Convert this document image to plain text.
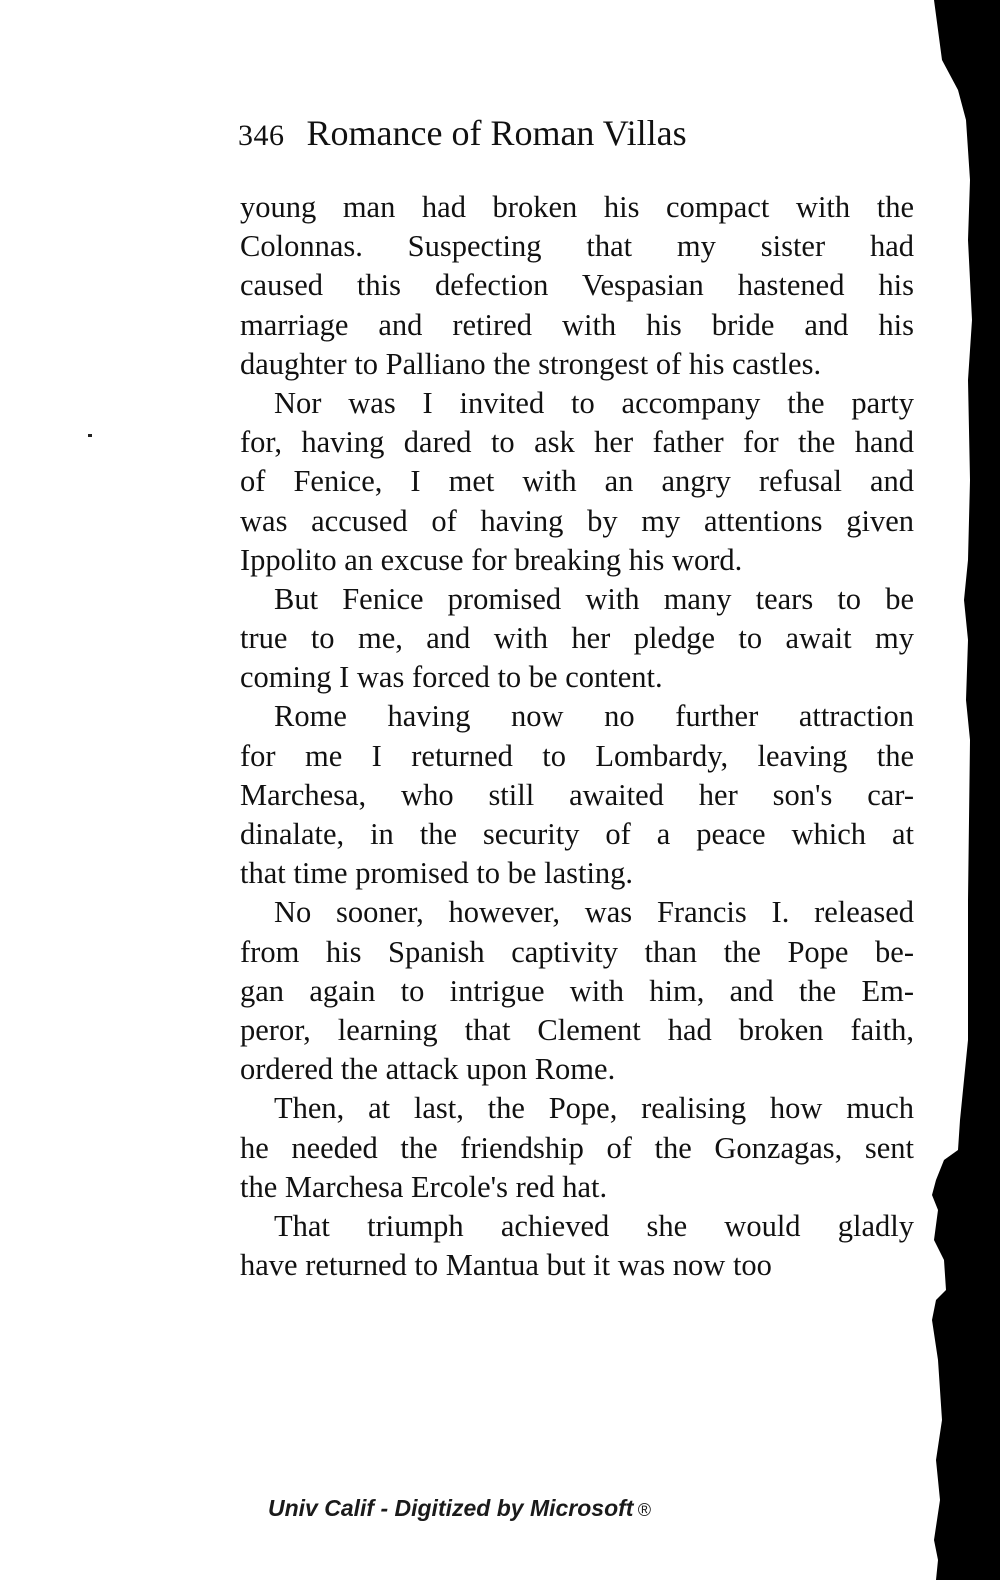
346 Romance of Roman Villas
young man had broken his compact with the
Colonnas. Suspecting that my sister had
caused this defection Vespasian hastened his
marriage and retired with his bride and his
daughter to Palliano the strongest of his castles.
Nor was I invited to accompany the party
for, having dared to ask her father for the hand
of Fenice, I met with an angry refusal and
was accused of having by my attentions given
Ippolito an excuse for breaking his word.
But Fenice promised with many tears to be
true to me, and with her pledge to await my
coming I was forced to be content.
Rome having now no further attraction
for me I returned to Lombardy, leaving the
Marchesa, who still awaited her son's car-
dinalate, in the security of a peace which at
that time promised to be lasting.
No sooner, however, was Francis I. released
from his Spanish captivity than the Pope be-
gan again to intrigue with him, and the Em-
peror, learning that Clement had broken faith,
ordered the attack upon Rome.
Then, at last, the Pope, realising how much
he needed the friendship of the Gonzagas, sent
the Marchesa Ercole's red hat.
That triumph achieved she would gladly
have returned to Mantua but it was now too
Univ Calif - Digitized by Microsoft ®
